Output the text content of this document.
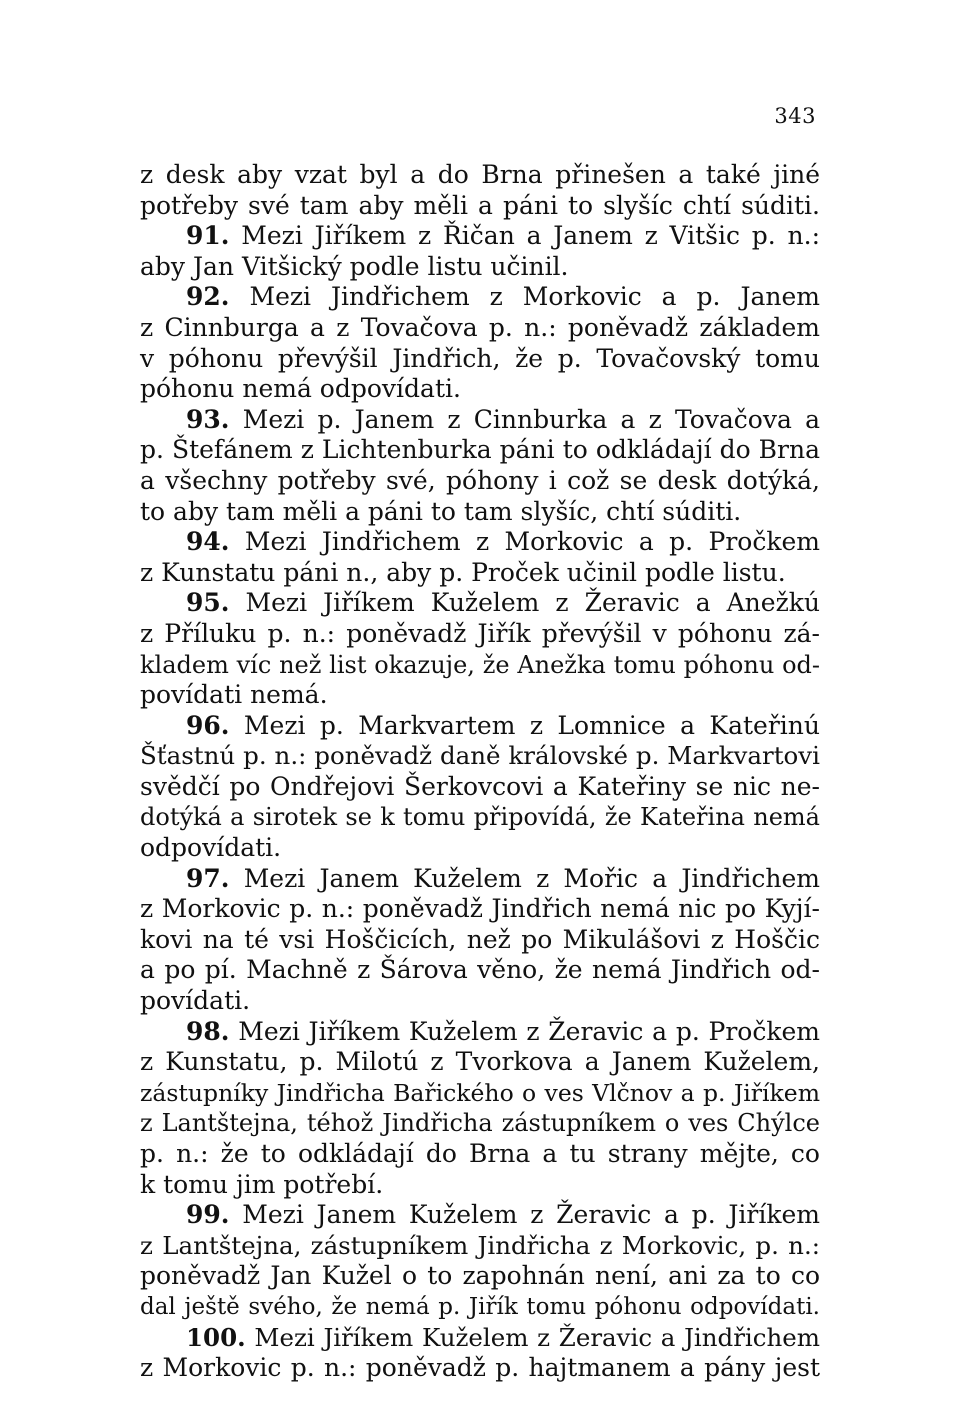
343
z desk aby vzat byl a do Brna přinešen a také jiné
potřeby své tam aby měli a páni to slyšíc chtí súditi.
91. Mezi Jiříkem z Řičan a Janem z Vitšic p. n.:
aby Jan Vitšický podle listu učinil.
92. Mezi Jindřichem z Morkovic a p. Janem
z Cinnburga a z Tovačova p. n.: poněvadž základem
v póhonu převýšil Jindřich, že p. Tovačovský tomu
póhonu nemá odpovídati.
93. Mezi p. Janem z Cinnburka a z Tovačova a
p. Štefánem z Lichtenburka páni to odkládají do Brna
a všechny potřeby své, póhony i což se desk dotýká,
to aby tam měli a páni to tam slyšíc, chtí súditi.
94. Mezi Jindřichem z Morkovic a p. Pročkem
z Kunstatu páni n., aby p. Proček učinil podle listu.
95. Mezi Jiříkem Kuželem z Žeravic a Anežkú
z Příluku p. n.: poněvadž Jiřík převýšil v póhonu zá-
kladem víc než list okazuje, že Anežka tomu póhonu od-
povídati nemá.
96. Mezi p. Markvartem z Lomnice a Kateřinú
Šťastnú p. n.: poněvadž daně královské p. Markvartovi
svědčí po Ondřejovi Šerkovcovi a Kateřiny se nic ne-
dotýká a sirotek se k tomu připovídá, že Kateřina nemá
odpovídati.
97. Mezi Janem Kuželem z Mořic a Jindřichem
z Morkovic p. n.: poněvadž Jindřich nemá nic po Kyjí-
kovi na té vsi Hoščicích, než po Mikulášovi z Hoščic
a po pí. Machně z Šárova věno, že nemá Jindřich od-
povídati.
98. Mezi Jiříkem Kuželem z Žeravic a p. Pročkem
z Kunstatu, p. Milotú z Tvorkova a Janem Kuželem,
zástupníky Jindřicha Bařického o ves Vlčnov a p. Jiříkem
z Lantštejna, téhož Jindřicha zástupníkem o ves Chýlce
p. n.: že to odkládají do Brna a tu strany mějte, co
k tomu jim potřebí.
99. Mezi Janem Kuželem z Žeravic a p. Jiříkem
z Lantštejna, zástupníkem Jindřicha z Morkovic, p. n.:
poněvadž Jan Kužel o to zapohnán není, ani za to co
dal ještě svého, že nemá p. Jiřík tomu póhonu odpovídati.
100. Mezi Jiříkem Kuželem z Žeravic a Jindřichem
z Morkovic p. n.: poněvadž p. hajtmanem a pány jest
